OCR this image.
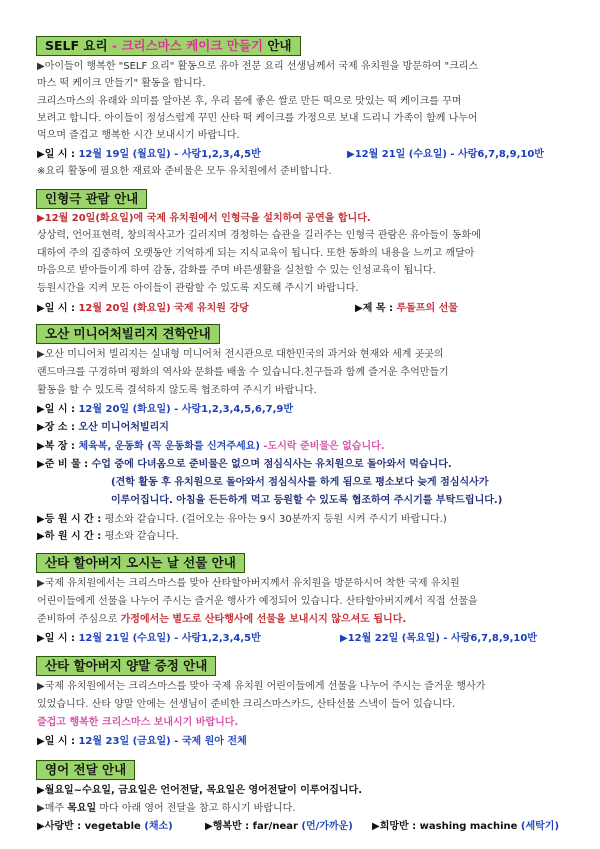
SELF 요리 - 크리스마스 케이크 만들기 안내
▶아이들이 행복한 "SELF 요리" 활동으로 유아 전문 요리 선생님께서 국제 유치원을 방문하여 "크리스
마스 떡 케이크 만들기" 활동을 합니다.
크리스마스의 유래와 의미를 알아본 후, 우리 몸에 좋은 쌀로 만든 떡으로 맛있는 떡 케이크를 꾸며
보려고 합니다. 아이들이 정성스럽게 꾸민 산타 떡 케이크를 가정으로 보내 드리니 가족이 함께 나누어
먹으며 즐겁고 행복한 시간 보내시기 바랍니다.
▶일 시 : 12월 19일 (월요일) - 사랑1,2,3,4,5반	▶12월 21일 (수요일) - 사랑6,7,8,9,10반
※요리 활동에 필요한 재료와 준비물은 모두 유치원에서 준비합니다.
인형극 관람 안내
▶12월 20일(화요일)에 국제 유치원에서 인형극을 설치하여 공연을 합니다.
상상력, 언어표현력, 창의적사고가 길러지며 경청하는 습관을 길러주는 인형극 관람은 유아들이 동화에
대하여 주의 집중하여 오랫동안 기억하게 되는 지식교육이 됩니다. 또한 동화의 내용을 느끼고 깨달아
마음으로 받아들이게 하여 감동, 감화를 주며 바른생활을 실천할 수 있는 인성교육이 됩니다.
등원시간을 지켜 모든 아이들이 관람할 수 있도록 지도해 주시기 바랍니다.
▶일 시 : 12월 20일 (화요일) 국제 유치원 강당	▶제 목 : 루돌프의 선물
오산 미니어처빌리지 견학안내
▶오산 미니어처 빌리지는 실내형 미니어처 전시관으로 대한민국의 과거와 현재와 세계 곳곳의
랜드마크를 구경하며 평화의 역사와 문화를 배울 수 있습니다.친구들과 함께 즐거운 추억만들기
활동을 할 수 있도록 결석하지 않도록 협조하여 주시기 바랍니다.
▶일 시 : 12월 20일 (화요일) - 사랑1,2,3,4,5,6,7,9반
▶장 소 : 오산 미니어처빌리지
▶복 장 : 체육복, 운동화 (꼭 운동화를 신겨주세요) -도시락 준비물은 없습니다.
▶준 비 물 : 수업 중에 다녀옴으로 준비물은 없으며 점심식사는 유치원으로 돌아와서 먹습니다.
(견학 활동 후 유치원으로 돌아와서 점심식사를 하게 됨으로 평소보다 늦게 점심식사가
이루어집니다. 아침을 든든하게 먹고 등원할 수 있도록 협조하여 주시기를 부탁드립니다.)
▶등 원 시 간 : 평소와 같습니다. (걸어오는 유아는 9시 30분까지 등원 시켜 주시기 바랍니다.)
▶하 원 시 간 : 평소와 같습니다.
산타 할아버지 오시는 날 선물 안내
▶국제 유치원에서는 크리스마스를 맞아 산타할아버지께서 유치원을 방문하시어 착한 국제 유치원
어린이들에게 선물을 나누어 주시는 즐거운 행사가 예정되어 있습니다. 산타할아버지께서 직접 선물을
준비하여 주심으로 가정에서는 별도로 산타행사에 선물을 보내시지 않으셔도 됩니다.
▶일 시 : 12월 21일 (수요일) - 사랑1,2,3,4,5반	▶12월 22일 (목요일) - 사랑6,7,8,9,10반
산타 할아버지 양말 증정 안내
▶국제 유치원에서는 크리스마스를 맞아 국제 유치원 어린이들에게 선물을 나누어 주시는 즐거운 행사가
있었습니다. 산타 양말 안에는 선생님이 준비한 크리스마스카드, 산타선물 스낵이 들어 있습니다.
즐겁고 행복한 크리스마스 보내시기 바랍니다.
▶일 시 : 12월 23일 (금요일) - 국제 원아 전체
영어 전달 안내
▶월요일~수요일, 금요일은 언어전달, 목요일은 영어전달이 이루어집니다.
▶매주 목요일 마다 아래 영어 전달을 참고 하시기 바랍니다.
▶사랑반 : vegetable (채소)	▶행복반 : far/near (먼/가까운) ▶희망반 : washing machine (세탁기)
